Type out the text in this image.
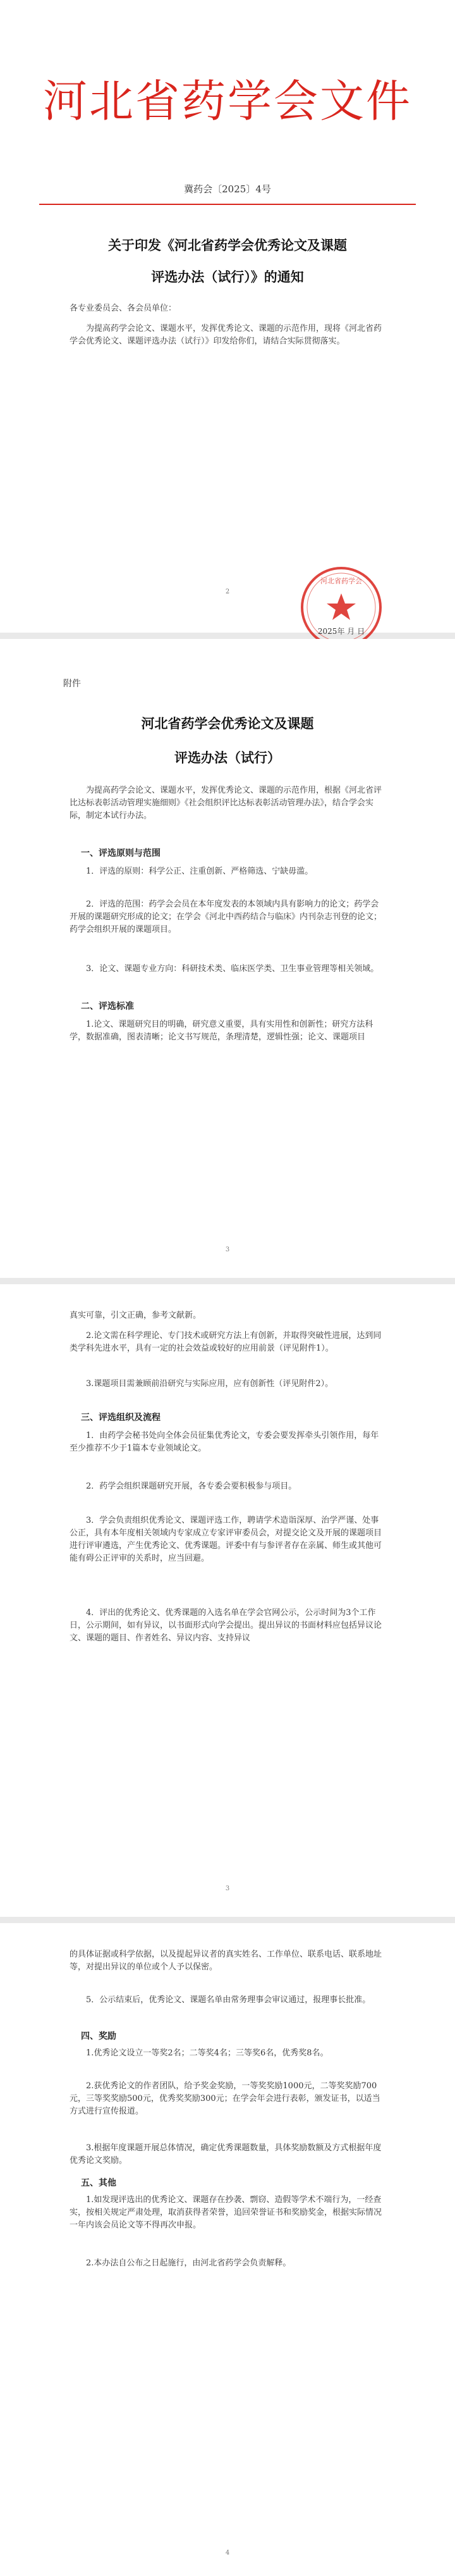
河北省药学会文件
冀药会〔2025〕4号
关于印发《河北省药学会优秀论文及课题
评选办法（试行）》的通知
各专业委员会、各会员单位：
为提高药学会论文、课题水平，发挥优秀论文、课题的示范作用，现将《河北省药学会优秀论文、课题评选办法（试行）》印发给你们，请结合实际贯彻落实。
2
河北省药学会
2025年 月 日
附件
河北省药学会优秀论文及课题
评选办法（试行）
为提高药学会论文、课题水平，发挥优秀论文、课题的示范作用，根据《河北省评比达标表彰活动管理实施细则》《社会组织评比达标表彰活动管理办法》，结合学会实际，制定本试行办法。
一、评选原则与范围
1．评选的原则：科学公正、注重创新、严格筛选、宁缺毋滥。
2．评选的范围：药学会会员在本年度发表的本领域内具有影响力的论文；药学会开展的课题研究形成的论文；在学会《河北中西药结合与临床》内刊杂志刊登的论文；药学会组织开展的课题项目。
3．论文、课题专业方向：科研技术类、临床医学类、卫生事业管理等相关领域。
二、评选标准
1.论文、课题研究目的明确，研究意义重要，具有实用性和创新性；研究方法科学，数据准确，图表清晰；论文书写规范，条理清楚，逻辑性强；论文、课题项目
3
真实可靠，引文正确，参考文献新。
2.论文需在科学理论、专门技术或研究方法上有创新，并取得突破性进展，达到同类学科先进水平，具有一定的社会效益或较好的应用前景（评见附件1）。
3.课题项目需兼顾前沿研究与实际应用，应有创新性（评见附件2）。
三、评选组织及流程
1．由药学会秘书处向全体会员征集优秀论文，专委会要发挥牵头引领作用，每年至少推荐不少于1篇本专业领域论文。
2．药学会组织课题研究开展，各专委会要积极参与项目。
3．学会负责组织优秀论文、课题评选工作，聘请学术造诣深厚、治学严谨、处事公正，具有本年度相关领域内专家成立专家评审委员会，对提交论文及开展的课题项目进行评审遴选，产生优秀论文、优秀课题。评委中有与参评者存在亲属、师生或其他可能有碍公正评审的关系时，应当回避。
4．评出的优秀论文、优秀课题的入选名单在学会官网公示，公示时间为3个工作日，公示期间，如有异议，以书面形式向学会提出。提出异议的书面材料应包括异议论文、课题的题目、作者姓名、异议内容、支持异议
3
的具体证据或科学依据，以及提起异议者的真实姓名、工作单位、联系电话、联系地址等，对提出异议的单位或个人予以保密。
5．公示结束后，优秀论文、课题名单由常务理事会审议通过，报理事长批准。
四、奖励
1.优秀论文设立一等奖2名；二等奖4名；三等奖6名，优秀奖8名。
2.获优秀论文的作者团队，给予奖金奖励，一等奖奖励1000元，二等奖奖励700元，三等奖奖励500元，优秀奖奖励300元；在学会年会进行表彰，颁发证书，以适当方式进行宣传报道。
3.根据年度课题开展总体情况，确定优秀课题数量，具体奖励数额及方式根据年度优秀论文奖励。
五、其他
1.如发现评选出的优秀论文、课题存在抄袭、剽窃、造假等学术不端行为，一经查实，按相关规定严肃处理，取消获得者荣誉，追回荣誉证书和奖励奖金，根据实际情况一年内该会员论文等不得再次申报。
2.本办法自公布之日起施行，由河北省药学会负责解释。
4
